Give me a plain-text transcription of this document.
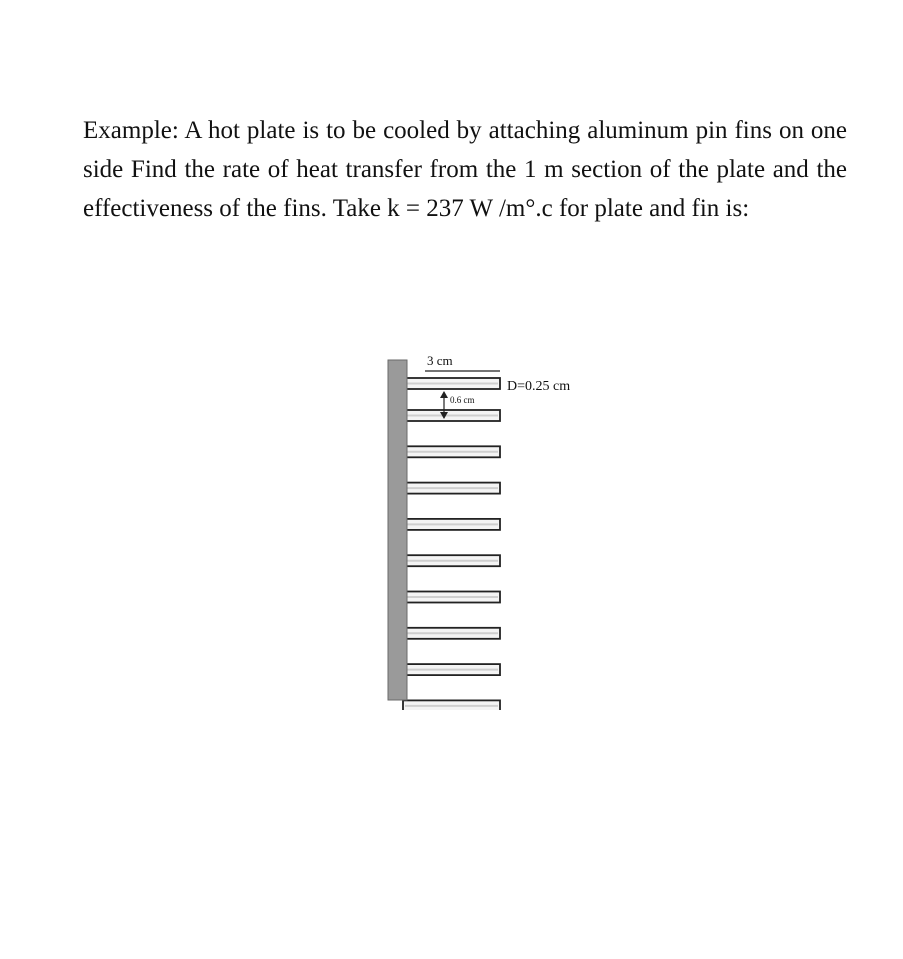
Example: A hot plate is to be cooled by attaching aluminum pin fins on one side Find the rate of heat transfer from the 1 m section of the plate and the effectiveness of the fins. Take k = 237 W /m°.c for plate and fin is:

3 cm
D=0.25 cm
0.6 cm
